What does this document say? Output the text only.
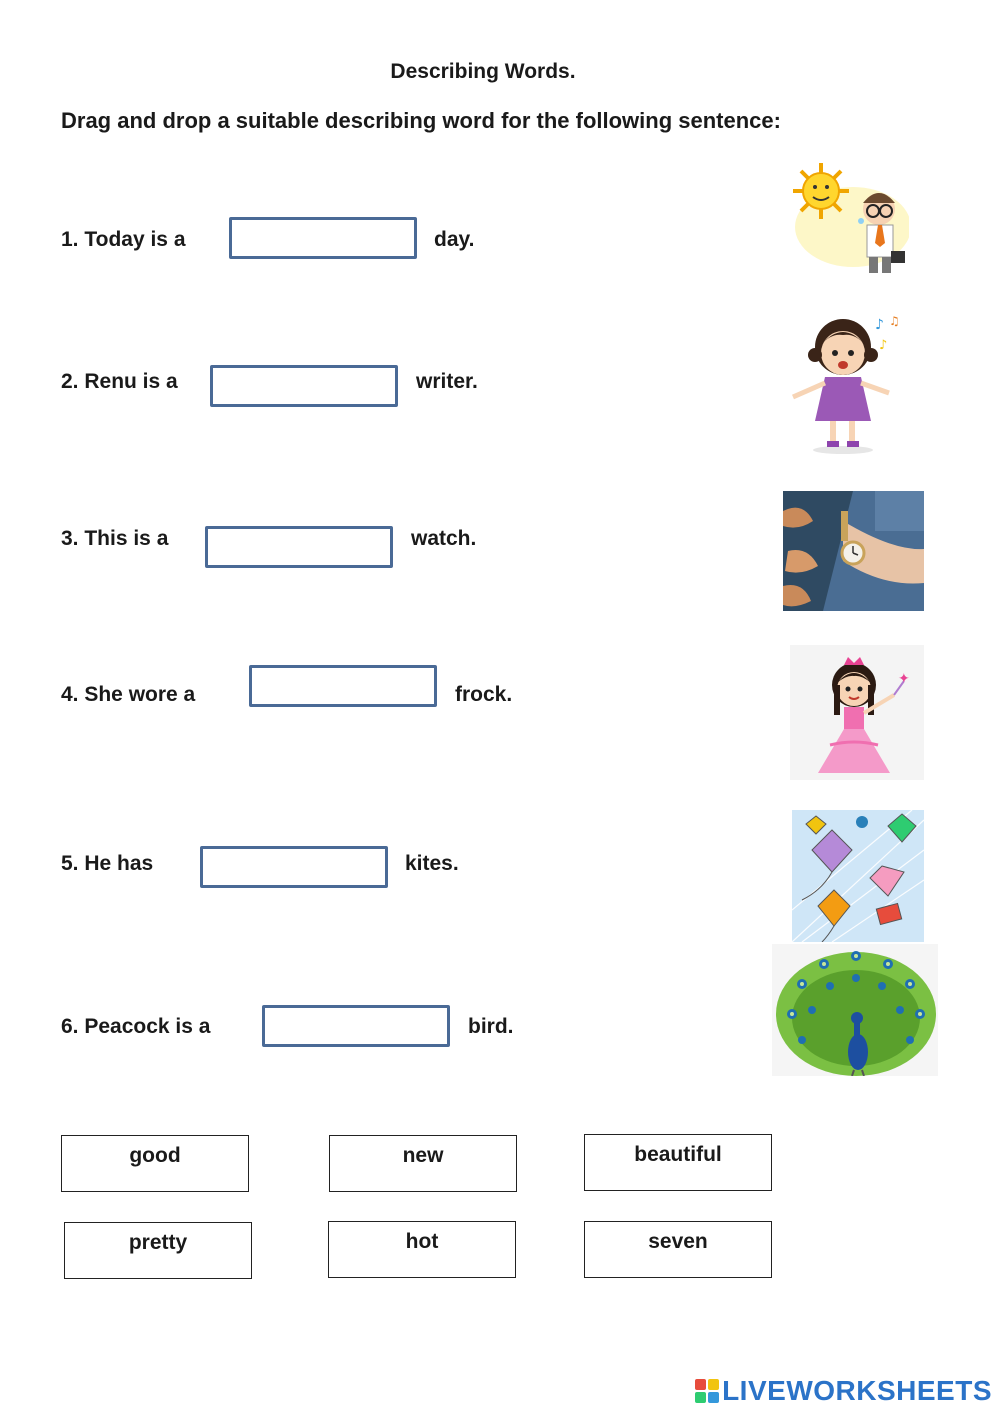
Describing Words.
Drag and drop a suitable describing word for the following sentence:
1. Today is a	day.
2. Renu is a	writer.
3. This is a	watch.
4. She wore a	frock.
5. He has	kites.
6. Peacock is a	bird.
good	new	beautiful
pretty	hot	seven
♪ ♫
♪
✦
LIVEWORKSHEETS
